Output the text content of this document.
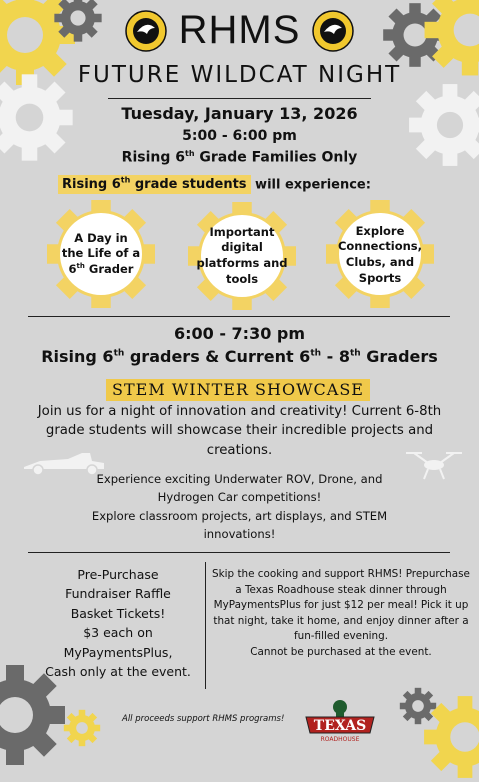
RHMS
FUTURE WILDCAT NIGHT
Tuesday, January 13, 2026
5:00 - 6:00 pm
Rising 6th Grade Families Only
Rising 6th grade students will experience:
A Day in
the Life of a
6th Grader
Important digital platforms and tools
Explore Connections, Clubs, and Sports
6:00 - 7:30 pm
Rising 6th graders & Current 6th - 8th Graders
STEM WINTER SHOWCASE
Join us for a night of innovation and creativity! Current 6-8th grade students will showcase their incredible projects and creations.
Experience exciting Underwater ROV, Drone, and Hydrogen Car competitions!
Explore classroom projects, art displays, and STEM innovations!
Pre-Purchase
Fundraiser Raffle
Basket Tickets!
$3 each on
MyPaymentsPlus,
Cash only at the event.
Skip the cooking and support RHMS! Prepurchase a Texas Roadhouse steak dinner through MyPaymentsPlus for just $12 per meal! Pick it up that night, take it home, and enjoy dinner after a fun-filled evening.
Cannot be purchased at the event.
All proceeds support RHMS programs! TEXAS
ROADHOUSE
